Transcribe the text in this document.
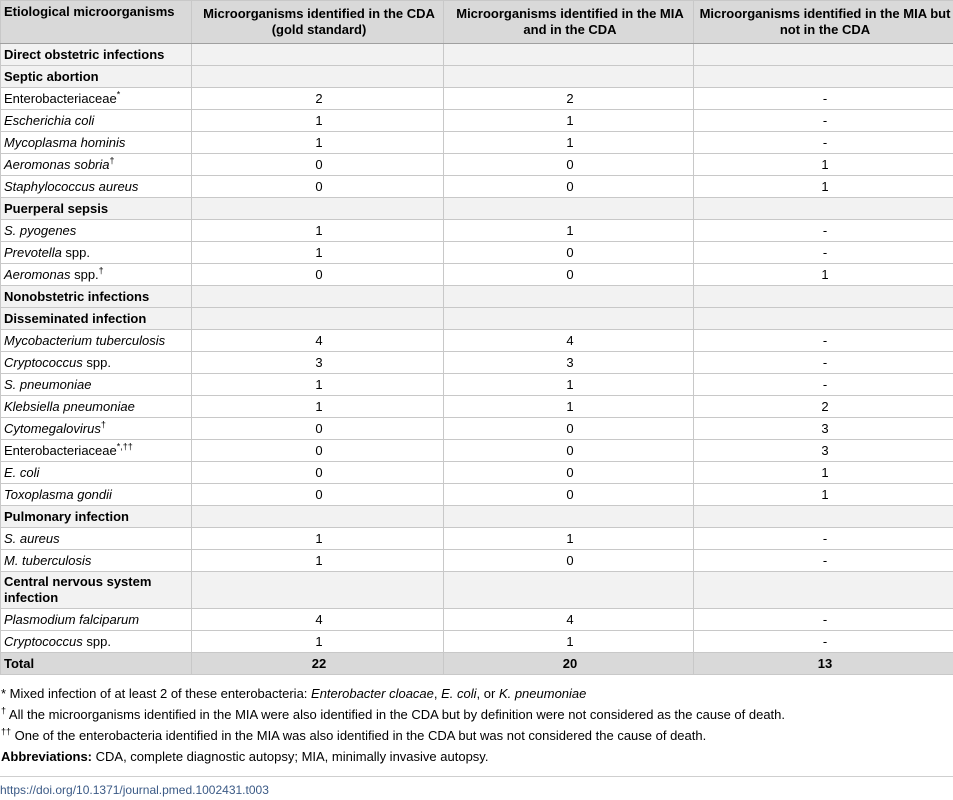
Etiological microorganisms	Microorganisms identified in the CDA (gold standard)	Microorganisms identified in the MIA and in the CDA	Microorganisms identified in the MIA but not in the CDA
Direct obstetric infections			
Septic abortion			
Enterobacteriaceae*	2	2	-
Escherichia coli	1	1	-
Mycoplasma hominis	1	1	-
Aeromonas sobria†	0	0	1
Staphylococcus aureus	0	0	1
Puerperal sepsis			
S. pyogenes	1	1	-
Prevotella spp.	1	0	-
Aeromonas spp.†	0	0	1
Nonobstetric infections			
Disseminated infection			
Mycobacterium tuberculosis	4	4	-
Cryptococcus spp.	3	3	-
S. pneumoniae	1	1	-
Klebsiella pneumoniae	1	1	2
Cytomegalovirus†	0	0	3
Enterobacteriaceae*,††	0	0	3
E. coli	0	0	1
Toxoplasma gondii	0	0	1
Pulmonary infection			
S. aureus	1	1	-
M. tuberculosis	1	0	-
Central nervous system infection			
Plasmodium falciparum	4	4	-
Cryptococcus spp.	1	1	-
Total	22	20	13

* Mixed infection of at least 2 of these enterobacteria: Enterobacter cloacae, E. coli, or K. pneumoniae

† All the microorganisms identified in the MIA were also identified in the CDA but by definition were not considered as the cause of death.

†† One of the enterobacteria identified in the MIA was also identified in the CDA but was not considered the cause of death.

Abbreviations: CDA, complete diagnostic autopsy; MIA, minimally invasive autopsy.

https://doi.org/10.1371/journal.pmed.1002431.t003
